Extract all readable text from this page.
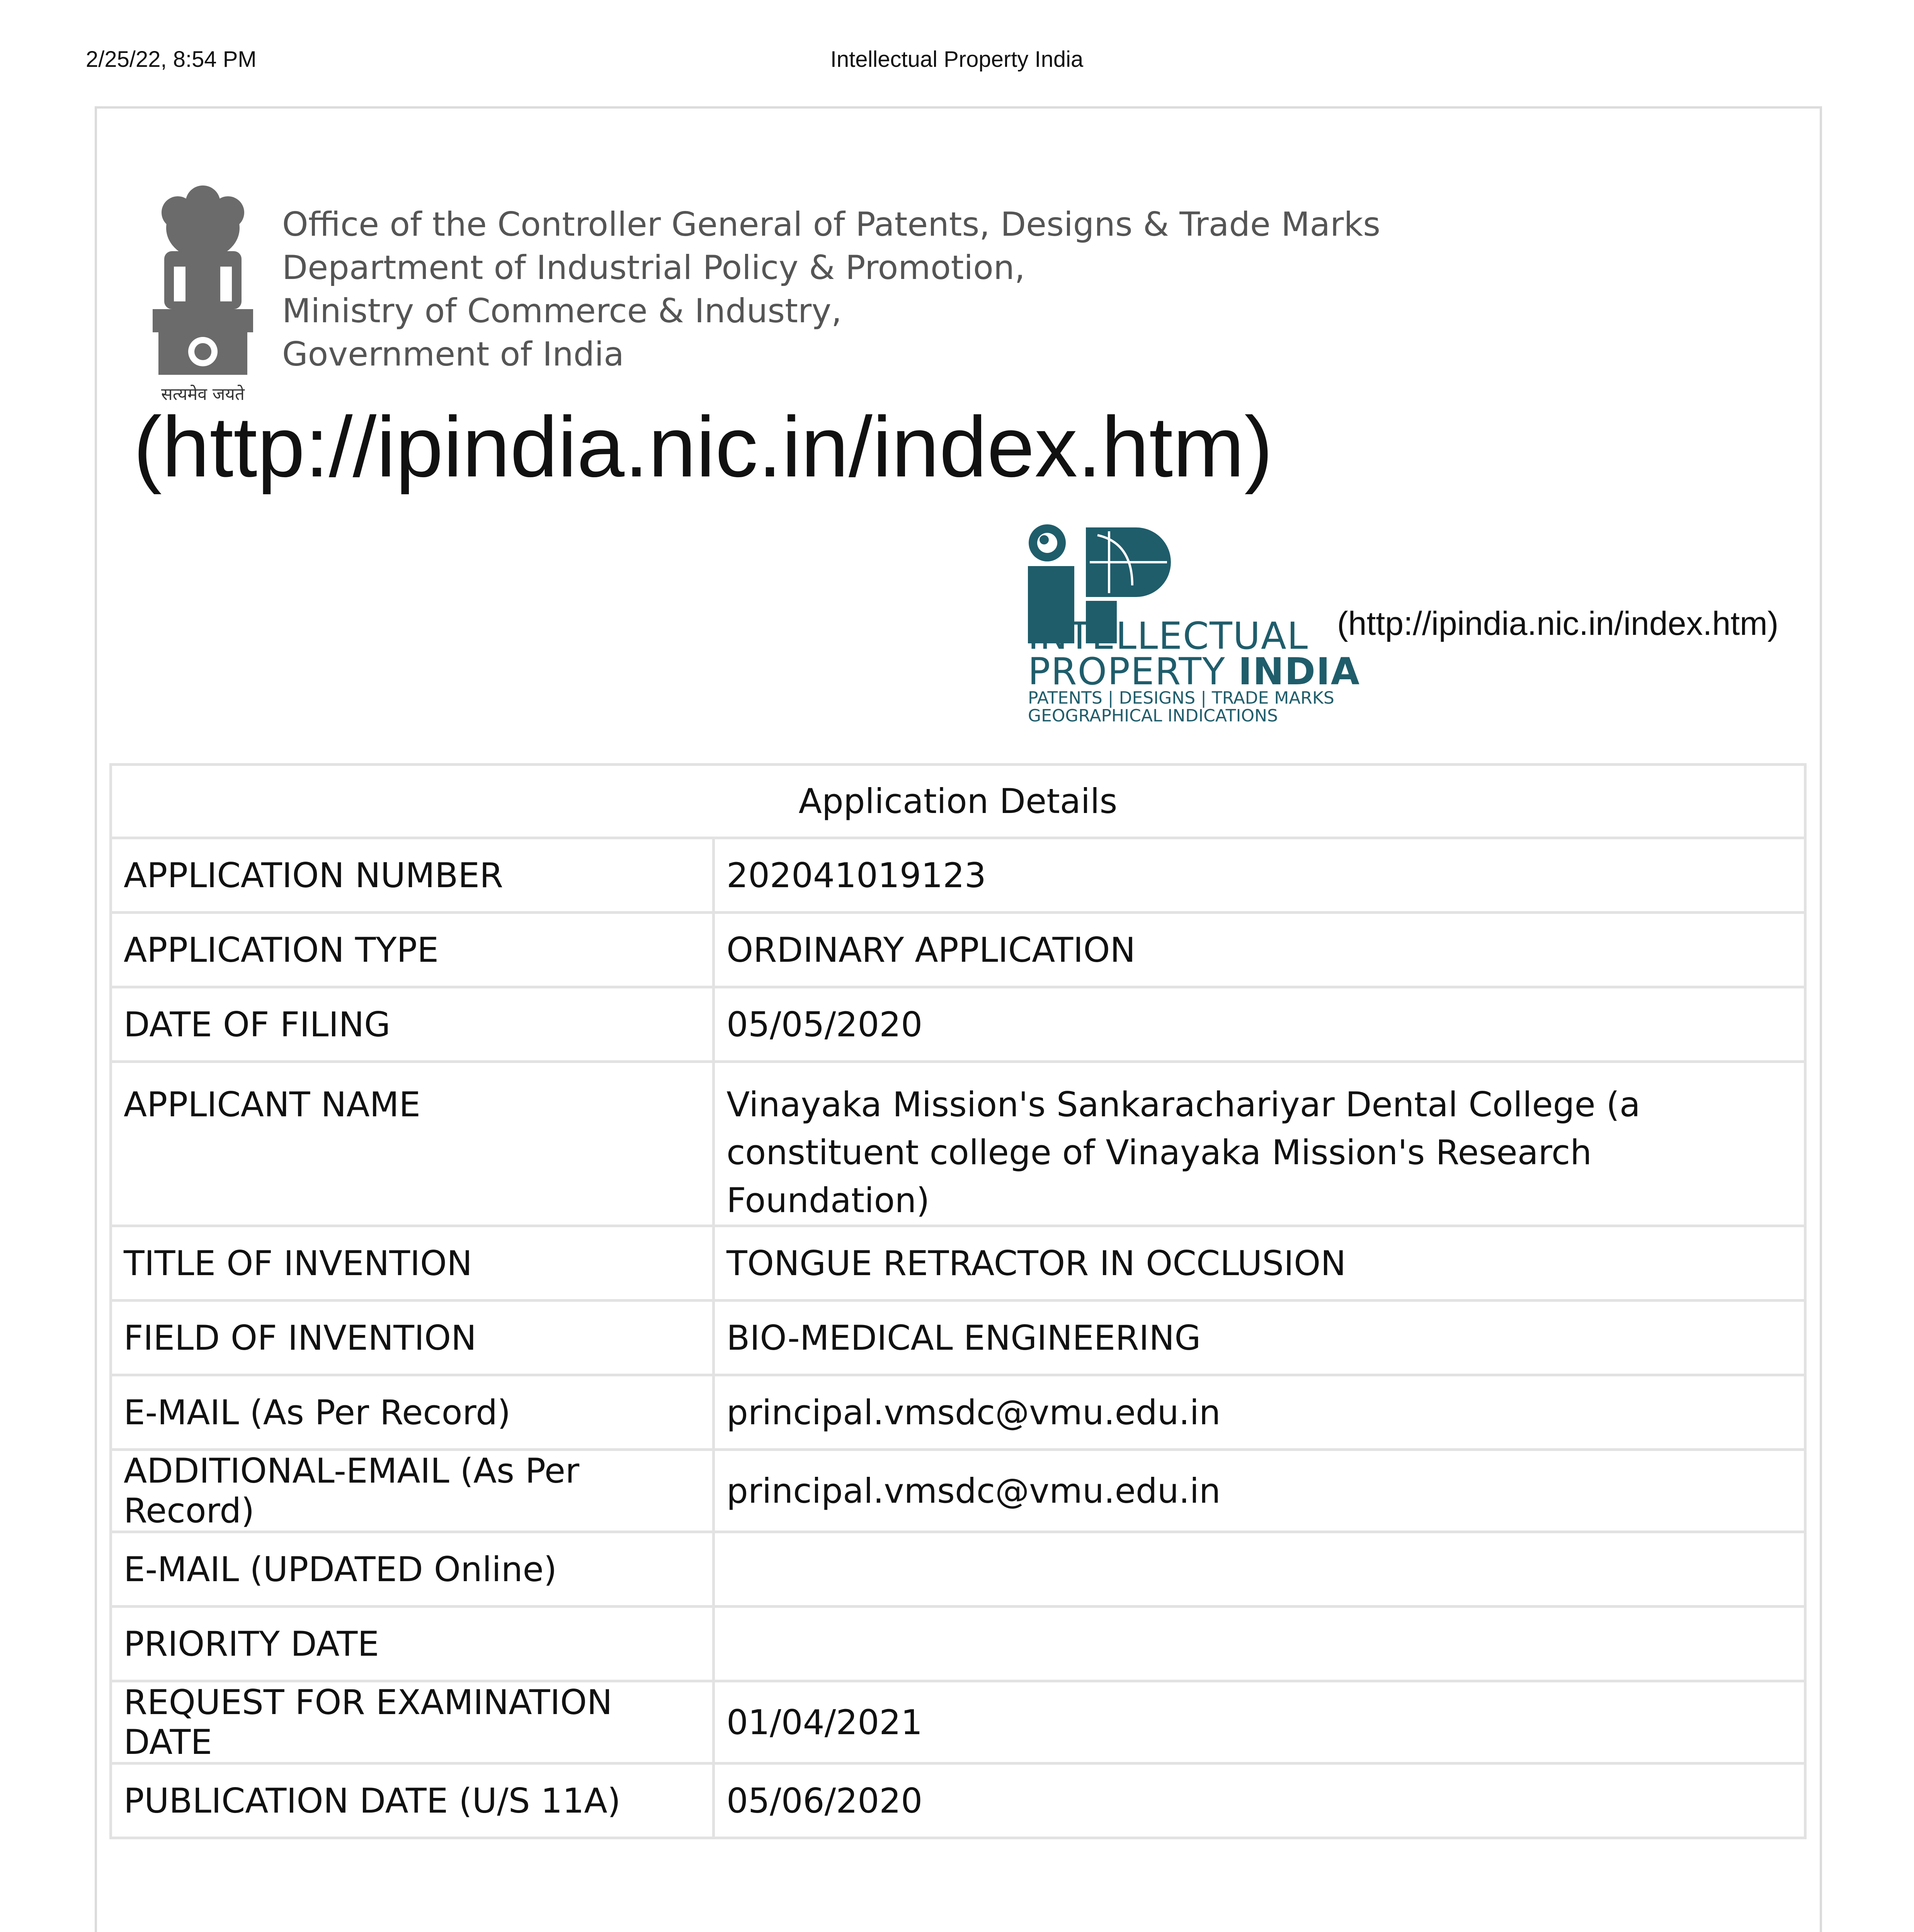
2/25/22, 8:54 PM	Intellectual Property India
सत्यमेव जयते
Office of the Controller General of Patents, Designs & Trade Marks
Department of Industrial Policy & Promotion,
Ministry of Commerce & Industry,
Government of India
(http://ipindia.nic.in/index.htm)
INTELLECTUAL
PROPERTY INDIA
PATENTS | DESIGNS | TRADE MARKS
GEOGRAPHICAL INDICATIONS
(http://ipindia.nic.in/index.htm)
Application Details	
APPLICATION NUMBER	202041019123
APPLICATION TYPE	ORDINARY APPLICATION
DATE OF FILING	05/05/2020
APPLICANT NAME	Vinayaka Mission's Sankarachariyar Dental College (a constituent college of Vinayaka Mission's Research Foundation)
TITLE OF INVENTION	TONGUE RETRACTOR IN OCCLUSION
FIELD OF INVENTION	BIO-MEDICAL ENGINEERING
E-MAIL (As Per Record)	principal.vmsdc@vmu.edu.in
ADDITIONAL-EMAIL (As Per Record)	principal.vmsdc@vmu.edu.in
E-MAIL (UPDATED Online)	
PRIORITY DATE	
REQUEST FOR EXAMINATION DATE	01/04/2021
PUBLICATION DATE (U/S 11A)	05/06/2020
